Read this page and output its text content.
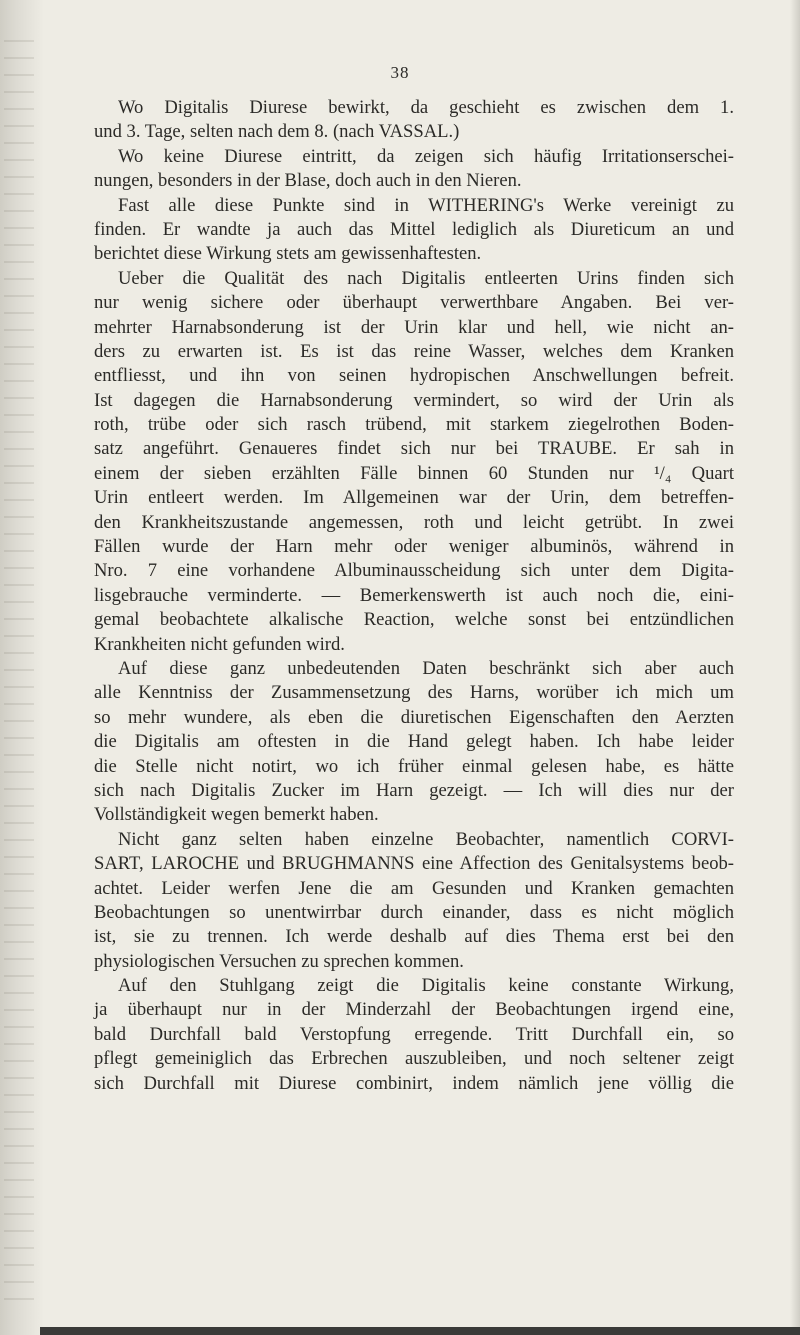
38
Wo Digitalis Diurese bewirkt, da geschieht es zwischen dem 1.
und 3. Tage, selten nach dem 8. (nach VASSAL.)
Wo keine Diurese eintritt, da zeigen sich häufig Irritationserschei-
nungen, besonders in der Blase, doch auch in den Nieren.
Fast alle diese Punkte sind in WITHERING's Werke vereinigt zu
finden. Er wandte ja auch das Mittel lediglich als Diureticum an und
berichtet diese Wirkung stets am gewissenhaftesten.
Ueber die Qualität des nach Digitalis entleerten Urins finden sich
nur wenig sichere oder überhaupt verwerthbare Angaben. Bei ver-
mehrter Harnabsonderung ist der Urin klar und hell, wie nicht an-
ders zu erwarten ist. Es ist das reine Wasser, welches dem Kranken
entfliesst, und ihn von seinen hydropischen Anschwellungen befreit.
Ist dagegen die Harnabsonderung vermindert, so wird der Urin als
roth, trübe oder sich rasch trübend, mit starkem ziegelrothen Boden-
satz angeführt. Genaueres findet sich nur bei TRAUBE. Er sah in
einem der sieben erzählten Fälle binnen 60 Stunden nur ¹/₄ Quart
Urin entleert werden. Im Allgemeinen war der Urin, dem betreffen-
den Krankheitszustande angemessen, roth und leicht getrübt. In zwei
Fällen wurde der Harn mehr oder weniger albuminös, während in
Nro. 7 eine vorhandene Albuminausscheidung sich unter dem Digita-
lisgebrauche verminderte. — Bemerkenswerth ist auch noch die, eini-
gemal beobachtete alkalische Reaction, welche sonst bei entzündlichen
Krankheiten nicht gefunden wird.
Auf diese ganz unbedeutenden Daten beschränkt sich aber auch
alle Kenntniss der Zusammensetzung des Harns, worüber ich mich um
so mehr wundere, als eben die diuretischen Eigenschaften den Aerzten
die Digitalis am oftesten in die Hand gelegt haben. Ich habe leider
die Stelle nicht notirt, wo ich früher einmal gelesen habe, es hätte
sich nach Digitalis Zucker im Harn gezeigt. — Ich will dies nur der
Vollständigkeit wegen bemerkt haben.
Nicht ganz selten haben einzelne Beobachter, namentlich CORVI-
SART, LAROCHE und BRUGHMANNS eine Affection des Genitalsystems beob-
achtet. Leider werfen Jene die am Gesunden und Kranken gemachten
Beobachtungen so unentwirrbar durch einander, dass es nicht möglich
ist, sie zu trennen. Ich werde deshalb auf dies Thema erst bei den
physiologischen Versuchen zu sprechen kommen.
Auf den Stuhlgang zeigt die Digitalis keine constante Wirkung,
ja überhaupt nur in der Minderzahl der Beobachtungen irgend eine,
bald Durchfall bald Verstopfung erregende. Tritt Durchfall ein, so
pflegt gemeiniglich das Erbrechen auszubleiben, und noch seltener zeigt
sich Durchfall mit Diurese combinirt, indem nämlich jene völlig die
